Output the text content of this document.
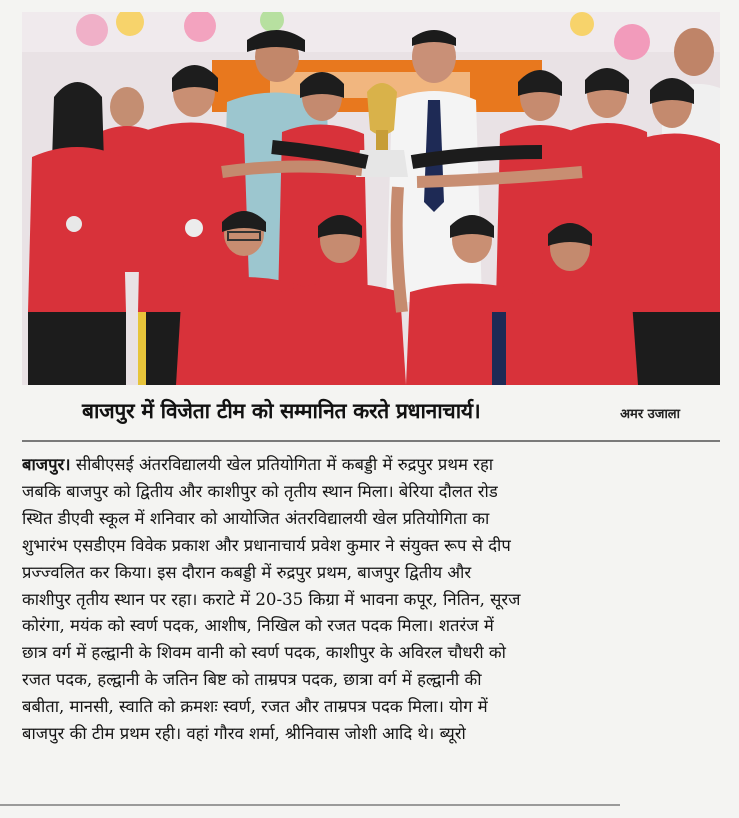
बाजपुर में विजेता टीम को सम्मानित करते प्रधानाचार्य।	अमर उजाला
बाजपुर। सीबीएसई अंतरविद्यालयी खेल प्रतियोगिता में कबड्डी में रुद्रपुर प्रथम रहा
जबकि बाजपुर को द्वितीय और काशीपुर को तृतीय स्थान मिला। बेरिया दौलत रोड
स्थित डीएवी स्कूल में शनिवार को आयोजित अंतरविद्यालयी खेल प्रतियोगिता का
शुभारंभ एसडीएम विवेक प्रकाश और प्रधानाचार्य प्रवेश कुमार ने संयुक्त रूप से दीप
प्रज्ज्वलित कर किया। इस दौरान कबड्डी में रुद्रपुर प्रथम, बाजपुर द्वितीय और
काशीपुर तृतीय स्थान पर रहा। कराटे में 20-35 किग्रा में भावना कपूर, नितिन, सूरज
कोरंगा, मयंक को स्वर्ण पदक, आशीष, निखिल को रजत पदक मिला। शतरंज में
छात्र वर्ग में हल्द्वानी के शिवम वानी को स्वर्ण पदक, काशीपुर के अविरल चौधरी को
रजत पदक, हल्द्वानी के जतिन बिष्ट को ताम्रपत्र पदक, छात्रा वर्ग में हल्द्वानी की
बबीता, मानसी, स्वाति को क्रमशः स्वर्ण, रजत और ताम्रपत्र पदक मिला। योग में
बाजपुर की टीम प्रथम रही। वहां गौरव शर्मा, श्रीनिवास जोशी आदि थे। ब्यूरो
